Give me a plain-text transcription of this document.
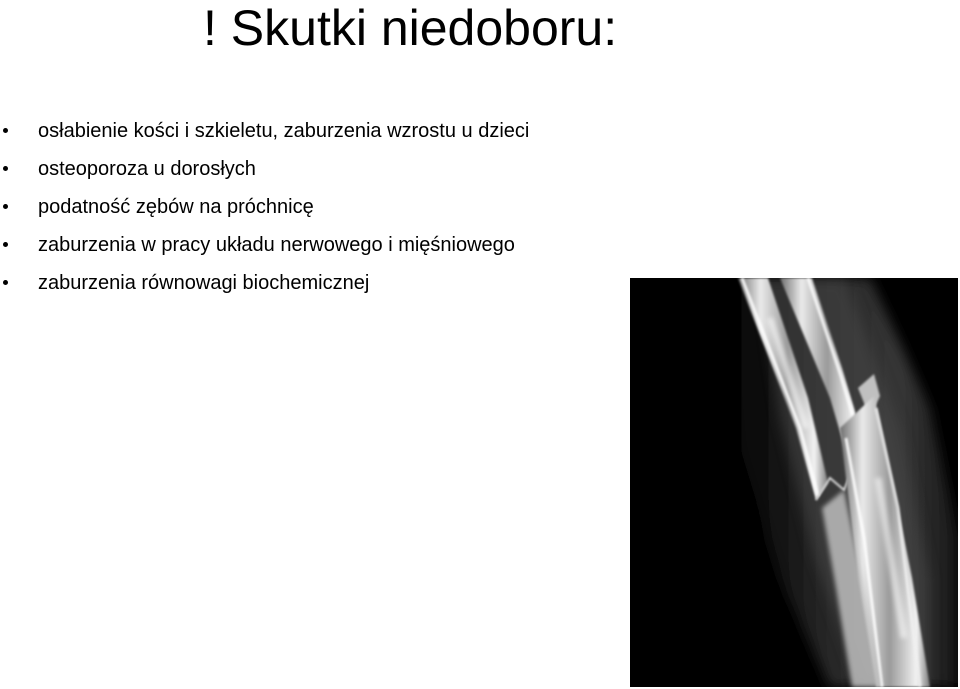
! Skutki niedoboru:
osłabienie kości i szkieletu, zaburzenia wzrostu u dzieci
osteoporoza u dorosłych
podatność zębów na próchnicę
zaburzenia w pracy układu nerwowego i mięśniowego
zaburzenia równowagi biochemicznej
